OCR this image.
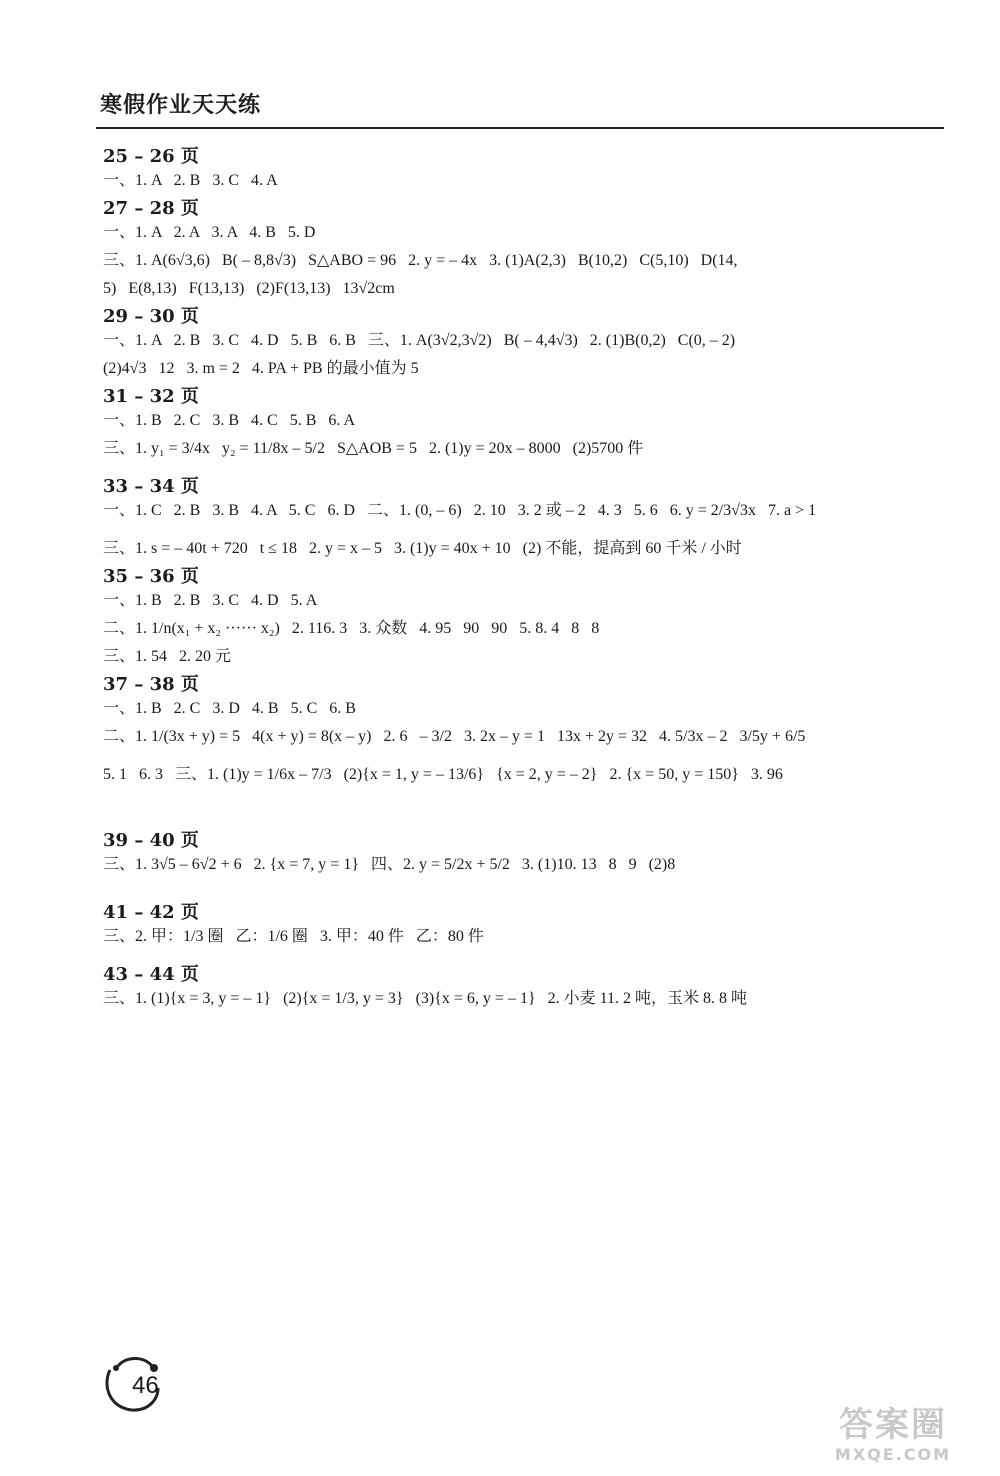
寒假作业天天练
25 – 26 页
一、1. A   2. B   3. C   4. A
27 – 28 页
一、1. A   2. A   3. A   4. B   5. D
三、1. A(6√3,6)   B( – 8,8√3)   S△ABO = 96   2. y = – 4x   3. (1)A(2,3)   B(10,2)   C(5,10)   D(14,
5)   E(8,13)   F(13,13)   (2)F(13,13)   13√2cm
29 – 30 页
一、1. A   2. B   3. C   4. D   5. B   6. B   三、1. A(3√2,3√2)   B( – 4,4√3)   2. (1)B(0,2)   C(0, – 2)
(2)4√3   12   3. m = 2   4. PA + PB 的最小值为 5
31 – 32 页
一、1. B   2. C   3. B   4. C   5. B   6. A
三、1. y₁ = 3/4x   y₂ = 11/8x – 5/2   S△AOB = 5   2. (1)y = 20x – 8000   (2)5700 件
33 – 34 页
一、1. C   2. B   3. B   4. A   5. C   6. D   二、1. (0, – 6)   2. 10   3. 2 或 – 2   4. 3   5. 6   6. y = 2/3√3x   7. a > 1
三、1. s = – 40t + 720   t ≤ 18   2. y = x – 5   3. (1)y = 40x + 10   (2) 不能，提高到 60 千米 / 小时
35 – 36 页
一、1. B   2. B   3. C   4. D   5. A
二、1. 1/n(x₁ + x₂ ······ x₂)   2. 116. 3   3. 众数   4. 95   90   90   5. 8. 4   8   8
三、1. 54   2. 20 元
37 – 38 页
一、1. B   2. C   3. D   4. B   5. C   6. B
二、1. 1/(3x + y) = 5   4(x + y) = 8(x – y)   2. 6   – 3/2   3. 2x – y = 1   13x + 2y = 32   4. 5/3x – 2   3/5y + 6/5
5. 1   6. 3   三、1. (1)y = 1/6x – 7/3   (2){x = 1, y = – 13/6}   {x = 2, y = – 2}   2. {x = 50, y = 150}   3. 96
39 – 40 页
三、1. 3√5 – 6√2 + 6   2. {x = 7, y = 1}   四、2. y = 5/2x + 5/2   3. (1)10. 13   8   9   (2)8
41 – 42 页
三、2. 甲：1/3 圈   乙：1/6 圈   3. 甲：40 件   乙：80 件
43 – 44 页
三、1. (1){x = 3, y = – 1}   (2){x = 1/3, y = 3}   (3){x = 6, y = – 1}   2. 小麦 11. 2 吨，玉米 8. 8 吨
46
答案圈
MXQE.COM
